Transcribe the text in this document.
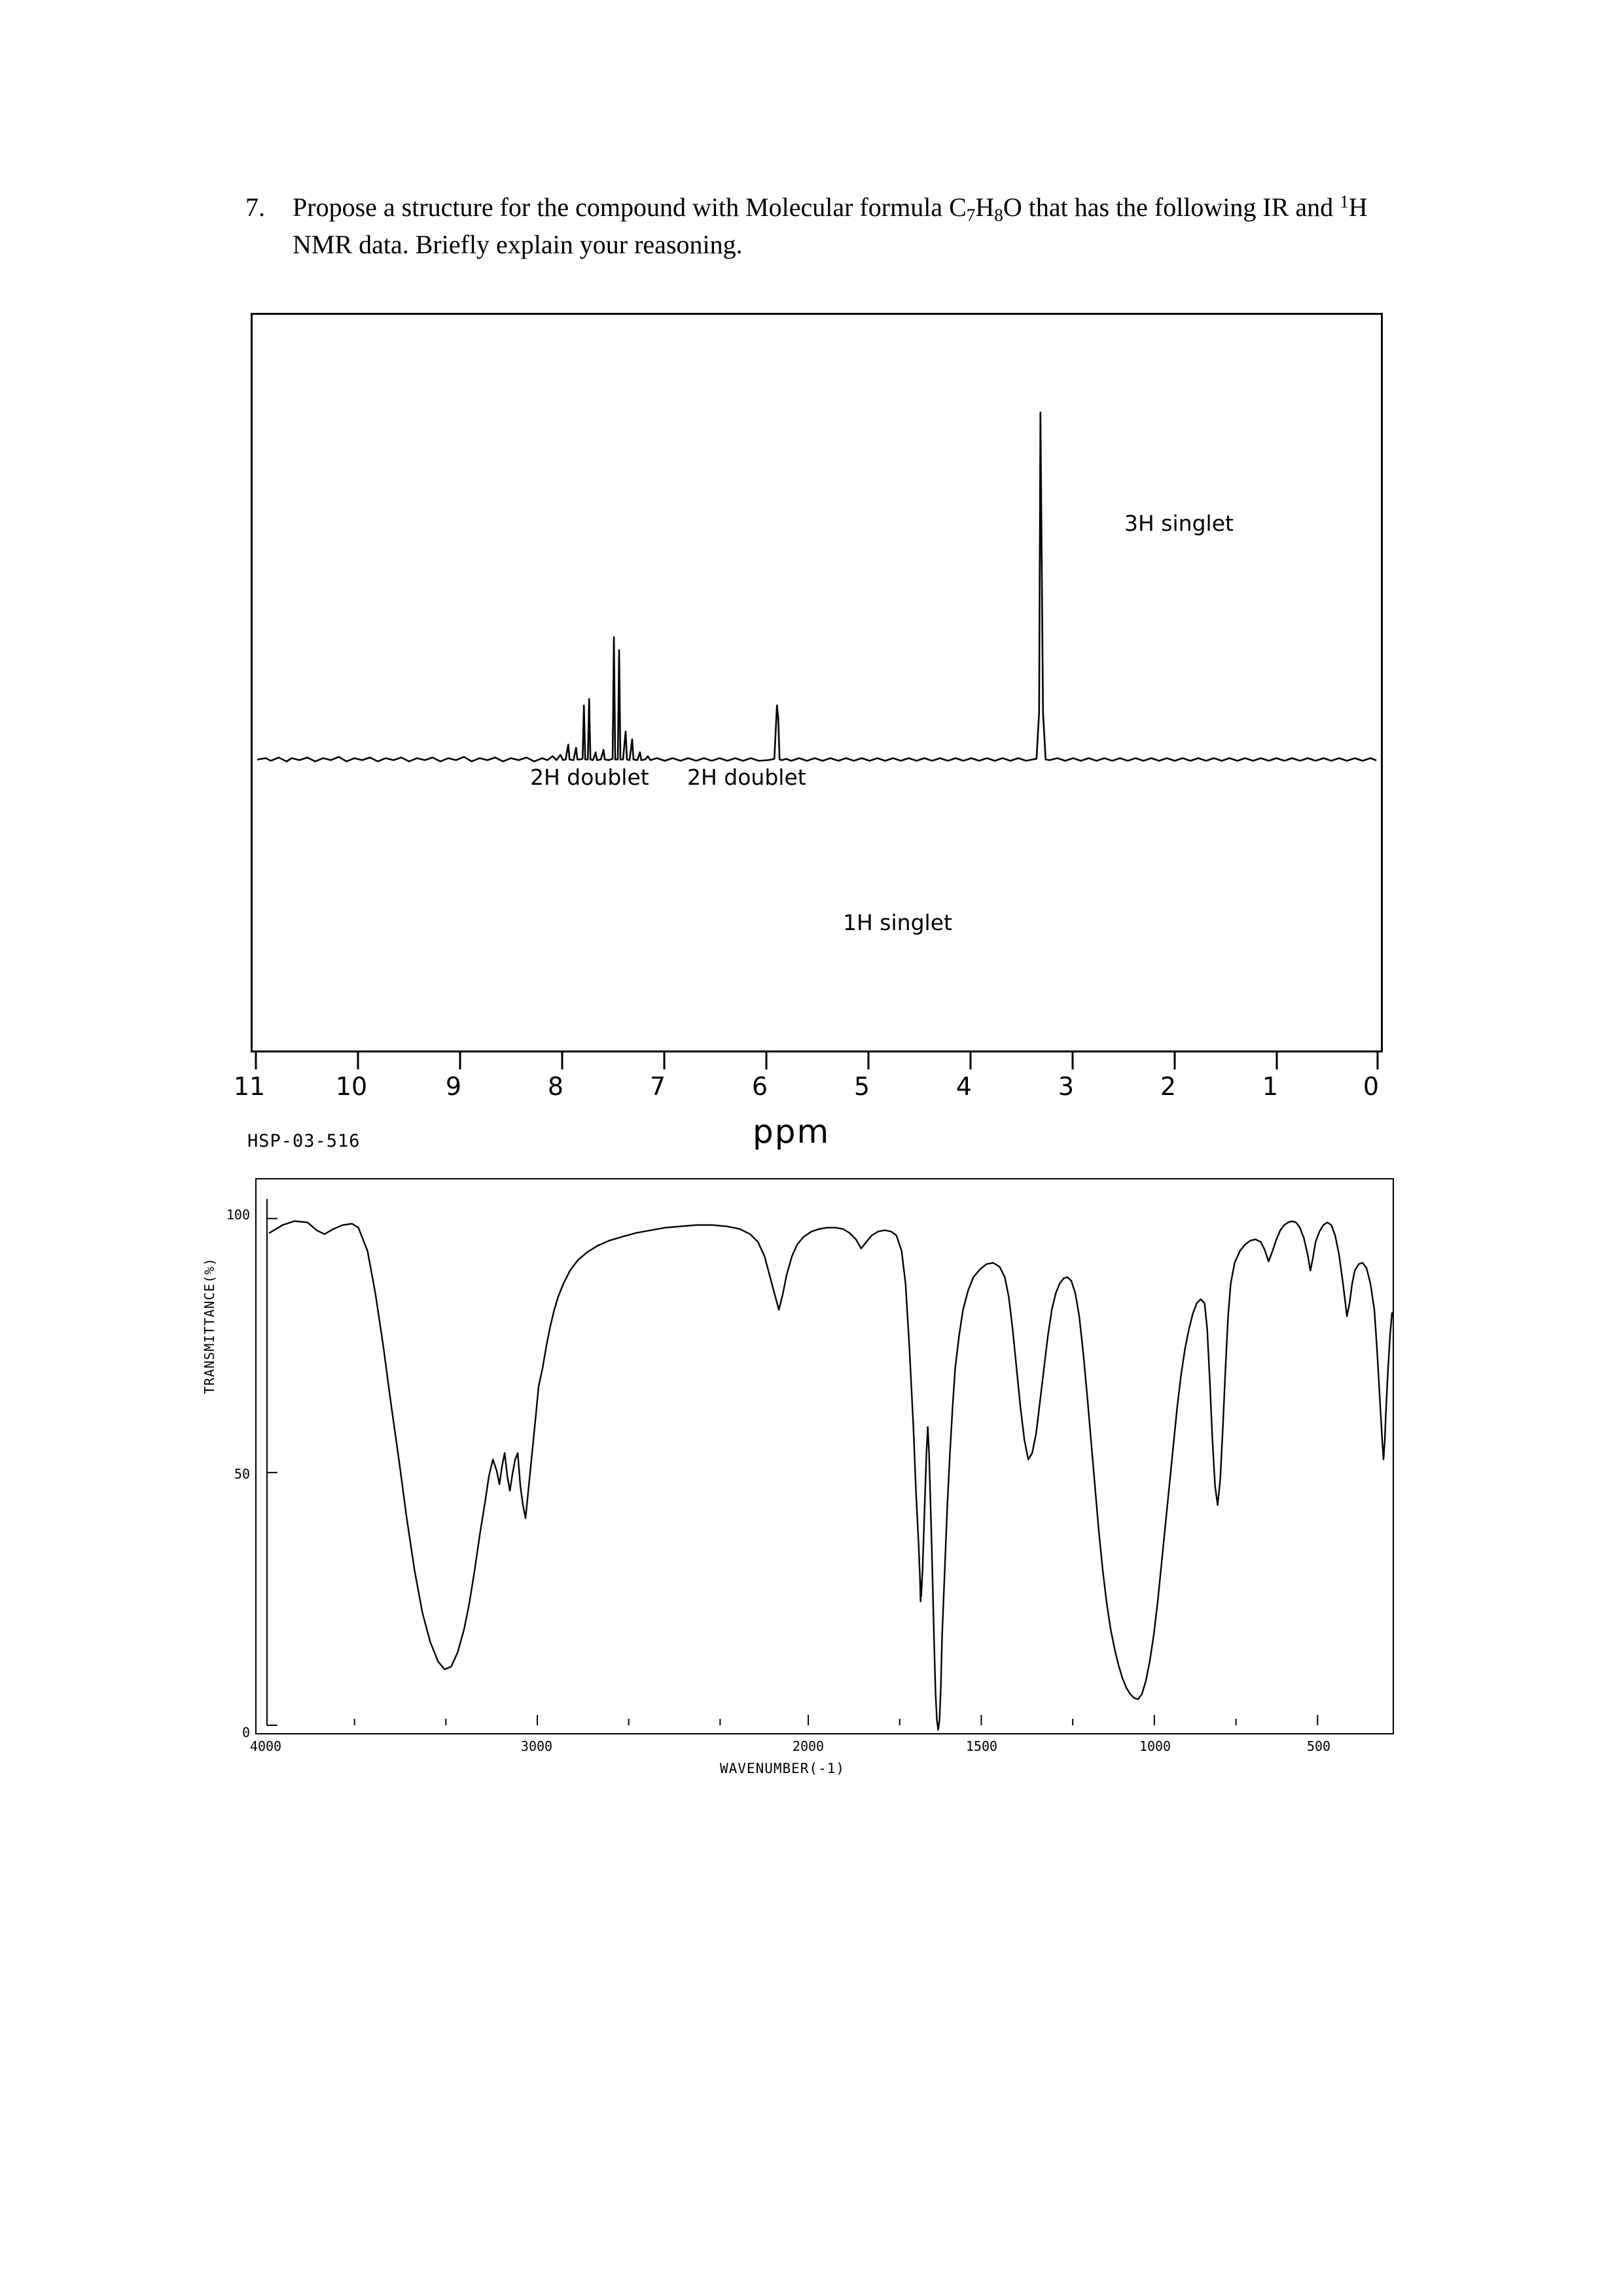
7.	Propose a structure for the compound with Molecular formula $C_7H_8O$ that has the following IR and $^1$H NMR data. Briefly explain your reasoning.
3H singlet
2H doublet 2H doublet
1H singlet
11	10	9	8	7	6	5	4	3	2	1	0
ppm
HSP-03-516
TRANSMITTANCE(%)
100
50
0
4000	3000	2000	1500	1000	500
WAVENUMBER(-1)
